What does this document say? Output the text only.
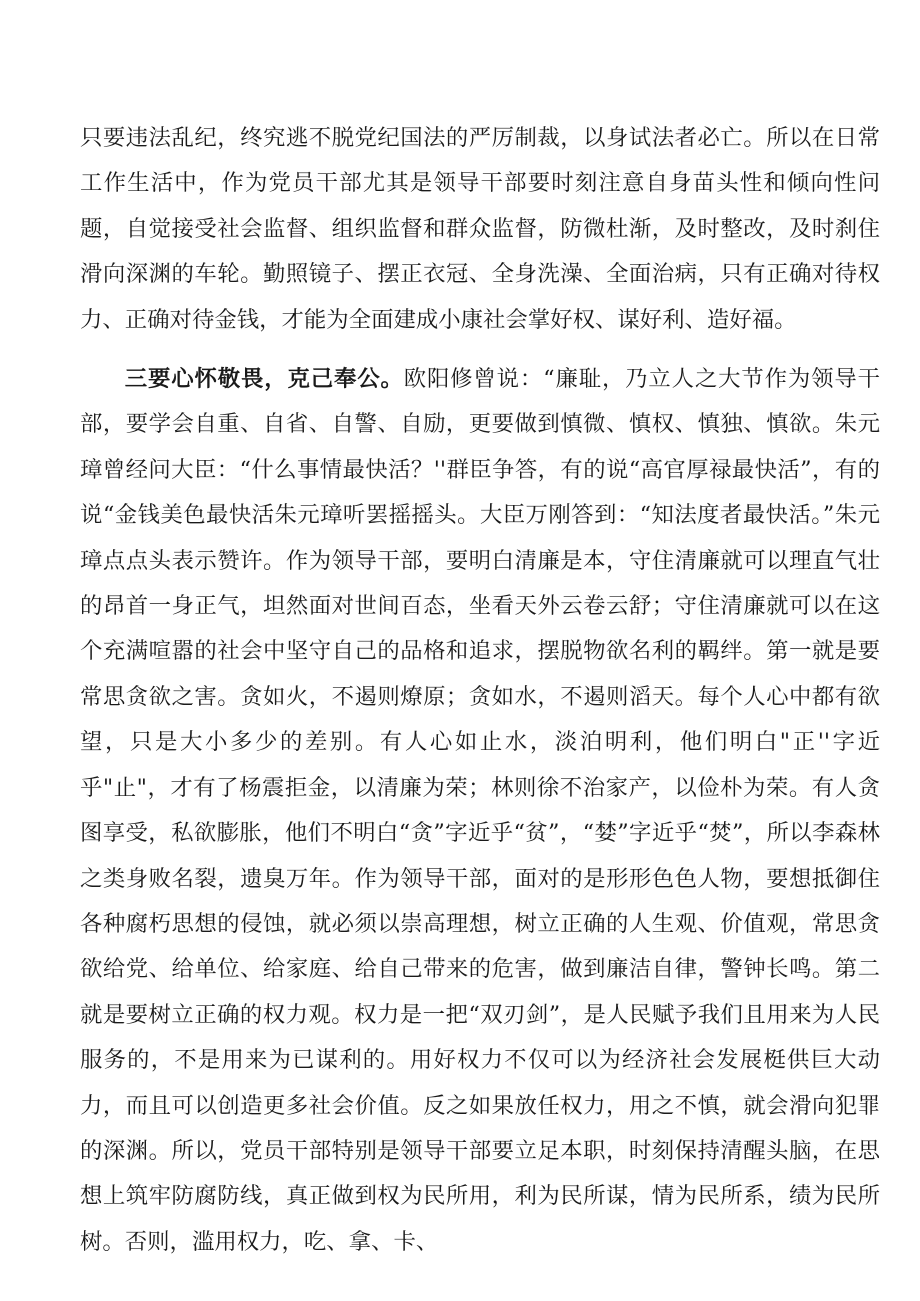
只要违法乱纪，终究逃不脱党纪国法的严厉制裁，以身试法者必亡。所以在日常工作生活中，作为党员干部尤其是领导干部要时刻注意自身苗头性和倾向性问题，自觉接受社会监督、组织监督和群众监督，防微杜渐，及时整改，及时刹住滑向深渊的车轮。勤照镜子、摆正衣冠、全身洗澡、全面治病，只有正确对待权力、正确对待金钱，才能为全面建成小康社会掌好权、谋好利、造好福。

三要心怀敬畏，克己奉公。欧阳修曾说：“廉耻，乃立人之大节作为领导干部，要学会自重、自省、自警、自励，更要做到慎微、慎权、慎独、慎欲。朱元璋曾经问大臣：“什么事情最快活？''群臣争答，有的说“高官厚禄最快活”，有的说“金钱美色最快活朱元璋听罢摇摇头。大臣万刚答到：“知法度者最快活。”朱元璋点点头表示赞许。作为领导干部，要明白清廉是本，守住清廉就可以理直气壮的昂首一身正气，坦然面对世间百态，坐看天外云卷云舒；守住清廉就可以在这个充满喧嚣的社会中坚守自己的品格和追求，摆脱物欲名利的羁绊。第一就是要常思贪欲之害。贪如火，不遏则燎原；贪如水，不遏则滔天。每个人心中都有欲望，只是大小多少的差别。有人心如止水，淡泊明利，他们明白"正''字近乎"止"，才有了杨震拒金，以清廉为荣；林则徐不治家产，以俭朴为荣。有人贪图享受，私欲膨胀，他们不明白“贪”字近乎“贫”，“婪”字近乎“焚”，所以李森林之类身败名裂，遗臭万年。作为领导干部，面对的是形形色色人物，要想抵御住各种腐朽思想的侵蚀，就必须以崇高理想，树立正确的人生观、价值观，常思贪欲给党、给单位、给家庭、给自己带来的危害，做到廉洁自律，警钟长鸣。第二就是要树立正确的权力观。权力是一把“双刃剑”，是人民赋予我们且用来为人民服务的，不是用来为已谋利的。用好权力不仅可以为经济社会发展梃供巨大动力，而且可以创造更多社会价值。反之如果放任权力，用之不慎，就会滑向犯罪的深渊。所以，党员干部特别是领导干部要立足本职，时刻保持清醒头脑，在思想上筑牢防腐防线，真正做到权为民所用，利为民所谋，情为民所系，绩为民所树。否则，滥用权力，吃、拿、卡、
